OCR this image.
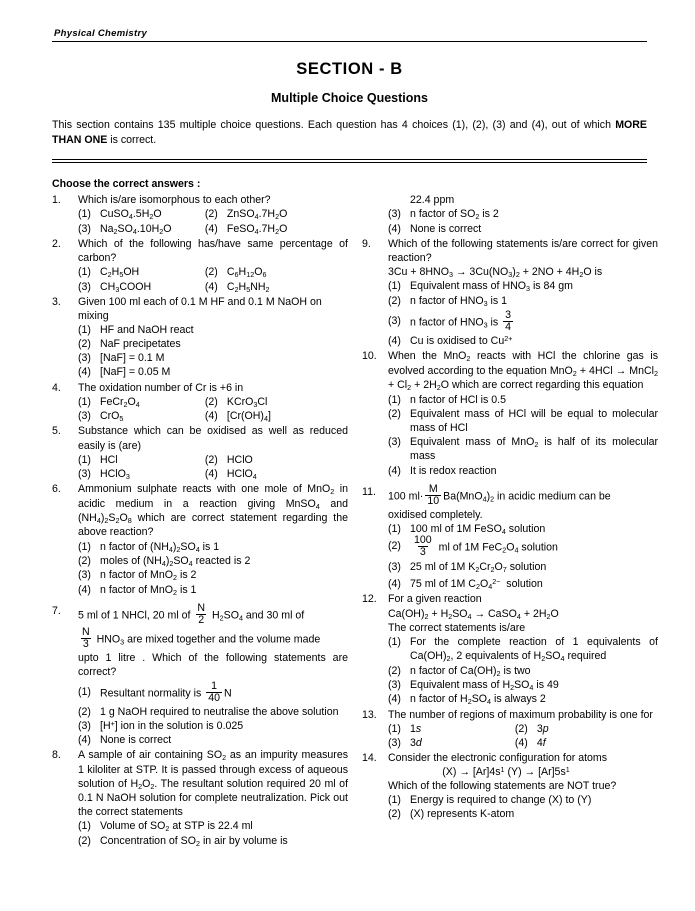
Physical Chemistry
SECTION - B
Multiple Choice Questions
This section contains 135 multiple choice questions. Each question has 4 choices (1), (2), (3) and (4), out of which MORE THAN ONE is correct.
Choose the correct answers :
1.	Which is/are isomorphous to each other?
(1) $CuSO_4.5H_2O$	(2) $ZnSO_4.7H_2O$
(3) $Na_2SO_4.10H_2O$	(4) $FeSO_4.7H_2O$
2.	Which of the following has/have same percentage of carbon?
(1) $C_2H_5OH$	(2) $C_6H_{12}O_6$
(3) $CH_3COOH$	(4) $C_2H_5NH_2$
3.	Given 100 ml each of 0.1 M HF and 0.1 M NaOH on mixing
(1) HF and NaOH react
(2) NaF precipetates
(3) [NaF] = 0.1 M
(4) [NaF] = 0.05 M
4.	The oxidation number of Cr is +6 in
(1) $FeCr_2O_4$	(2) KCrO$_3$Cl
(3) CrO$_5$	(4) $[Cr(OH)_4]$
5.	Substance which can be oxidised as well as reduced easily is (are)
(1) HCl	(2) HClO
(3) HClO$_3$	(4) HClO$_4$
6.	Ammonium sulphate reacts with one mole of MnO$_2$ in acidic medium in a reaction giving MnSO$_4$ and $(NH_4)_2S_2O_8$ which are correct statement regarding the above reaction?
(1) n factor of $(NH_4)_2SO_4$ is 1
(2) moles of $(NH_4)_2SO_4$ reacted is 2
(3) n factor of MnO$_2$ is 2
(4) n factor of MnO$_2$ is 1
7.	5 ml of 1 NHCl, 20 ml of $\frac{N}{2} H_2SO_4$ and 30 ml of
$\frac{N}{3} HNO_3$ are mixed together and the volume made
upto 1 litre . Which of the following statements are correct?
(1) Resultant normality is $\frac{1}{40}$ N
(2) 1 g NaOH required to neutralise the above solution
(3) [H+] ion in the solution is 0.025
(4) None is correct
8.	A sample of air containing $SO_2$ as an impurity measures 1 kiloliter at STP. It is passed through excess of aqueous solution of $H_2O_2$. The resultant solution required 20 ml of 0.1 N NaOH solution for complete neutralization. Pick out the correct statements
(1) Volume of $SO_2$ at STP is 22.4 ml
(2) Concentration of $SO_2$ in air by volume is
22.4 ppm
(3) n factor of $SO_2$ is 2
(4) None is correct
9.	Which of the following statements is/are correct for given reaction?
$3Cu + 8HNO_3 \to 3Cu(NO_3)_2 + 2NO + 4H_2O$ is
(1) Equivalent mass of $HNO_3$ is 84 gm
(2) n factor of $HNO_3$ is 1
(3) n factor of $HNO_3$ is $\frac{3}{4}$
(4) Cu is oxidised to $Cu^{2+}$
10.	When the MnO$_2$ reacts with HCl the chlorine gas is evolved according to the equation MnO$_2$ + 4HCl → MnCl$_2$ + $Cl_2 + 2H_2O$ which are correct regarding this equation
(1) n factor of HCl is 0.5
(2) Equivalent mass of HCl will be equal to molecular mass of HCl
(3) Equivalent mass of MnO$_2$ is half of its molecular mass
(4) It is redox reaction
11.	100 $ml\cdot \frac{M}{10} Ba(MnO_4)_2$ in acidic medium can be
oxidised completely.
(1) 100 ml of 1M FeSO$_4$ solution
(2)	$\frac{100}{3}$ ml of 1M $FeC_2O_4$ solution
(3) 25 ml of 1M $K_2Cr_2O_7$ solution
(4) 75 ml of 1M $C_2O_4^{2-}$  solution
12.	For a given reaction
$Ca(OH)_2 + H_2SO_4$ → CaSO$_4$ + $2H_2O$
The correct statements is/are
(1) For the complete reaction of 1 equivalents of $Ca(OH)_2$, 2 equivalents of $H_2SO_4$ required
(2) n factor of $Ca(OH)_2$ is two
(3) Equivalent mass of $H_2SO_4$ is 49
(4) n factor of $H_2SO_4$ is always 2
13.	The number of regions of maximum probability is one for
(1) 1s	(2) 3p
(3) 3d	(4) 4f
14.	Consider the electronic configuration for atoms
$(X) \to [Ar]4s^1$ $(Y) \to [Ar]5s^1$
Which of the following statements are NOT true?
(1) Energy is required to change (X) to (Y)
(2) (X) represents K-atom
